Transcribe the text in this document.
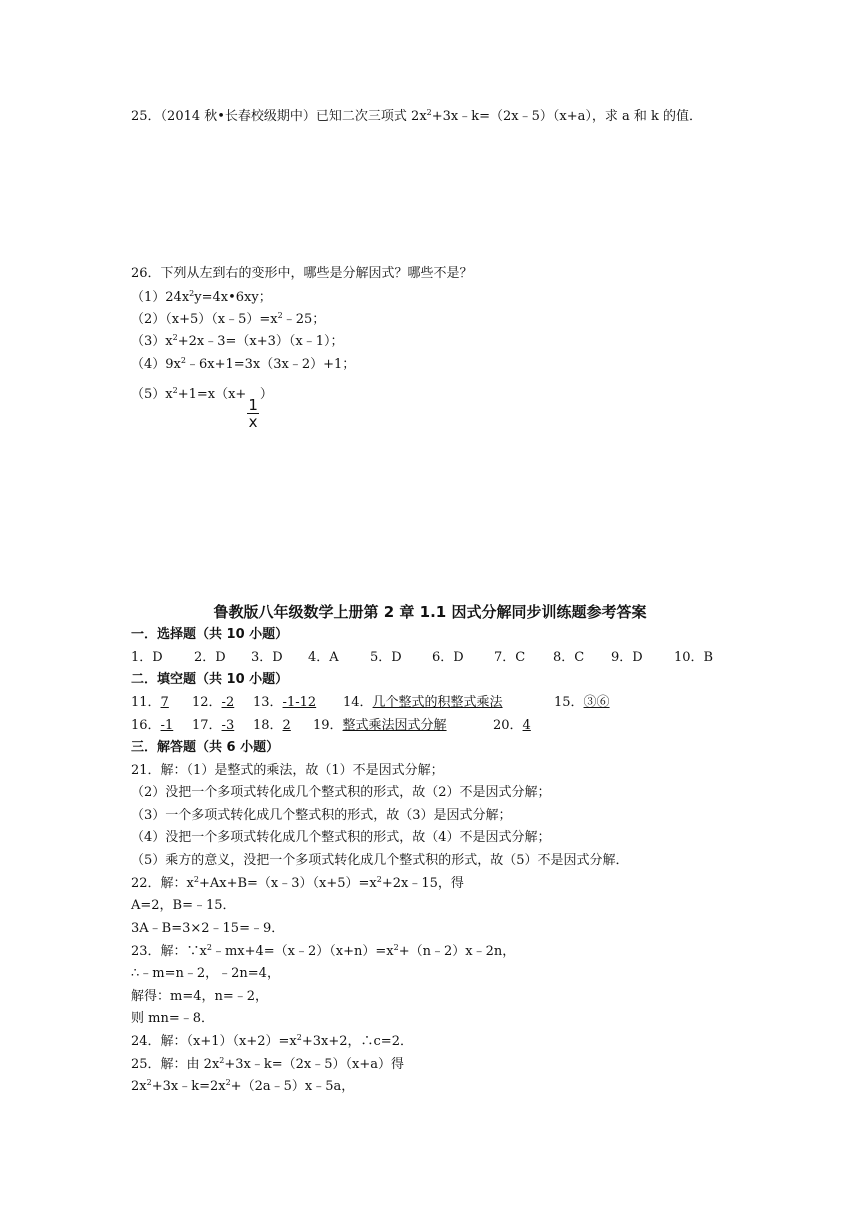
25．（2014 秋•长春校级期中）已知二次三项式 $2x^2+3x﹣k=(2x﹣5)(x+a)$，求 a 和 k 的值．
26．下列从左到右的变形中，哪些是分解因式？哪些不是？
$(1)24x^2y=4x•6xy$；
$(2)(x+5)(x﹣5)=x^2﹣25$；
$(3)x^2+2x﹣3=(x+3)(x﹣1)$；
$(4)9x^2﹣6x+1=3x(3x﹣2)+1$；
$(5)x^2+1=x(x+$
$\frac{1}{x}$
）
鲁教版八年级数学上册第 2 章 1.1 因式分解同步训练题参考答案
一．选择题（共 10 小题）
1．D 2．D 3．D 4．A 5．D 6．D 7．C 8．C 9．D 10．B
二．填空题（共 10 小题）
11．7 12．-2 13．-1-12 14．几个整式的积整式乘法	15．③⑥
16．-1 17．-3 18．2 19．整式乘法因式分解	20．4
三．解答题（共 6 小题）
21．解：（1）是整式的乘法，故（1）不是因式分解；
（2）没把一个多项式转化成几个整式积的形式，故（2）不是因式分解；
（3）一个多项式转化成几个整式积的形式，故（3）是因式分解；
（4）没把一个多项式转化成几个整式积的形式，故（4）不是因式分解；
（5）乘方的意义，没把一个多项式转化成几个整式积的形式，故（5）不是因式分解．
22．解：$x^2+Ax+B=(x﹣3)(x+5)=x^2+2x﹣15$，得
A=2，B=﹣15．
3A﹣B=3×2﹣15=﹣9．
23．解：$\because x^2﹣mx+4=(x﹣2)(x+n)=x^2+(n﹣2)x﹣2n$，
∴﹣m=n﹣2，﹣2n=4，
解得：m=4，n=﹣2，
则 mn=﹣8．
24．解：$(x+1)(x+2)=x^2+3x+2$，∴c=2．
25．解：由 $2x^2+3x﹣k=(2x﹣5)(x+a)$得
$2x^2+3x﹣k=2x^2+(2a﹣5)x﹣5a$，
